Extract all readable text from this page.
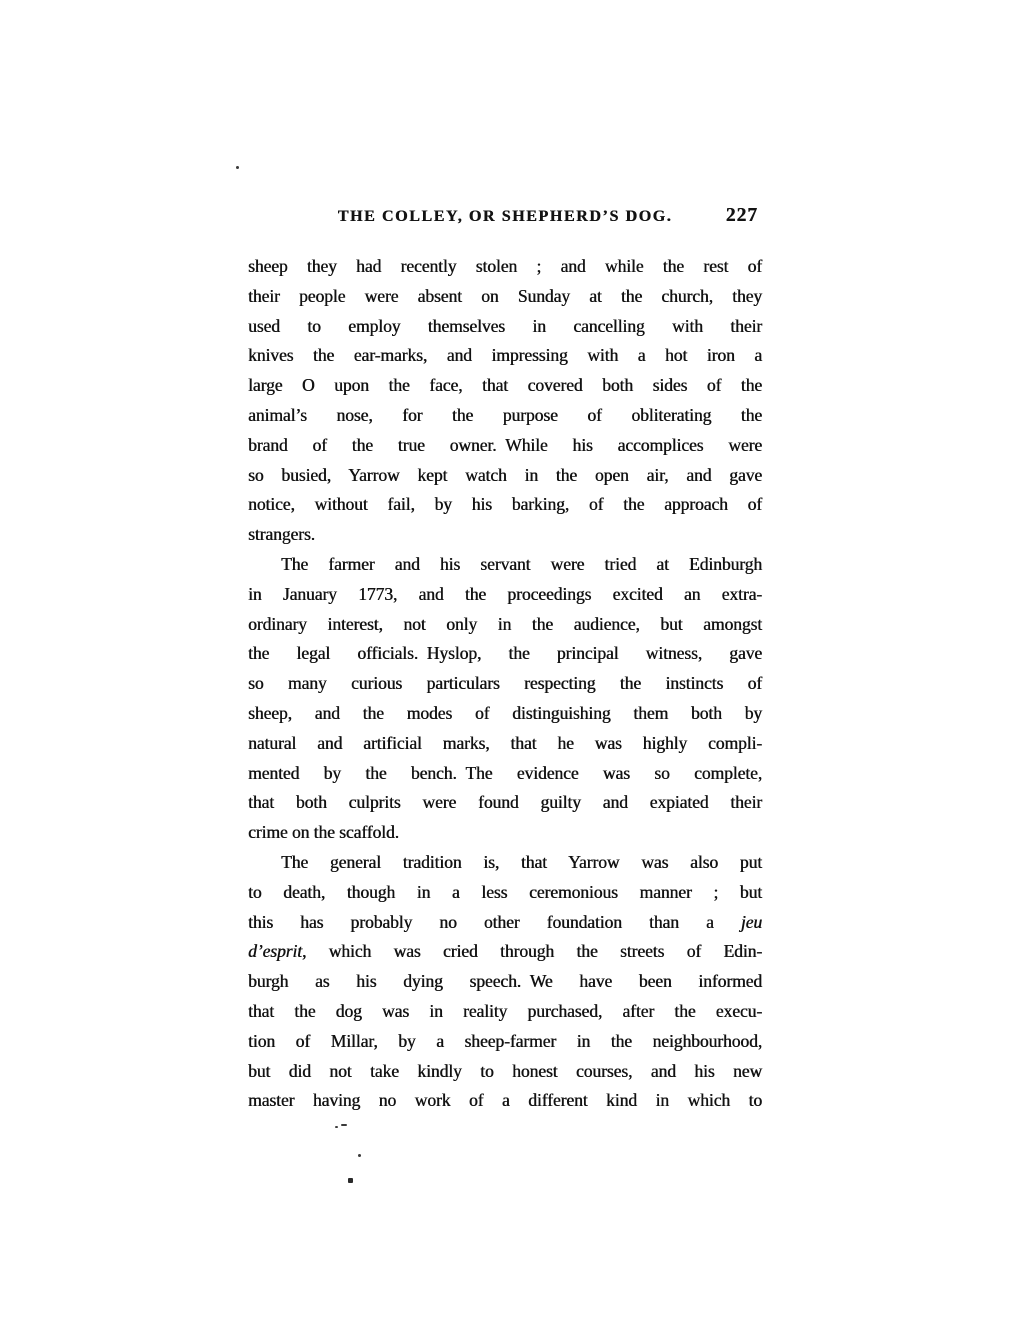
THE COLLEY, OR SHEPHERD’S DOG.	227
sheep they had recently stolen ; and while the rest of
their people were absent on Sunday at the church, they
used to employ themselves in cancelling with their
knives the ear-marks, and impressing with a hot iron a
large O upon the face, that covered both sides of the
animal’s nose, for the purpose of obliterating the
brand of the true owner. While his accomplices were
so busied, Yarrow kept watch in the open air, and gave
notice, without fail, by his barking, of the approach of
strangers.
The farmer and his servant were tried at Edinburgh
in January 1773, and the proceedings excited an extra-
ordinary interest, not only in the audience, but amongst
the legal officials. Hyslop, the principal witness, gave
so many curious particulars respecting the instincts of
sheep, and the modes of distinguishing them both by
natural and artificial marks, that he was highly compli-
mented by the bench. The evidence was so complete,
that both culprits were found guilty and expiated their
crime on the scaffold.
The general tradition is, that Yarrow was also put
to death, though in a less ceremonious manner ; but
this has probably no other foundation than a jeu
d’esprit, which was cried through the streets of Edin-
burgh as his dying speech. We have been informed
that the dog was in reality purchased, after the execu-
tion of Millar, by a sheep-farmer in the neighbourhood,
but did not take kindly to honest courses, and his new
master having no work of a different kind in which to
